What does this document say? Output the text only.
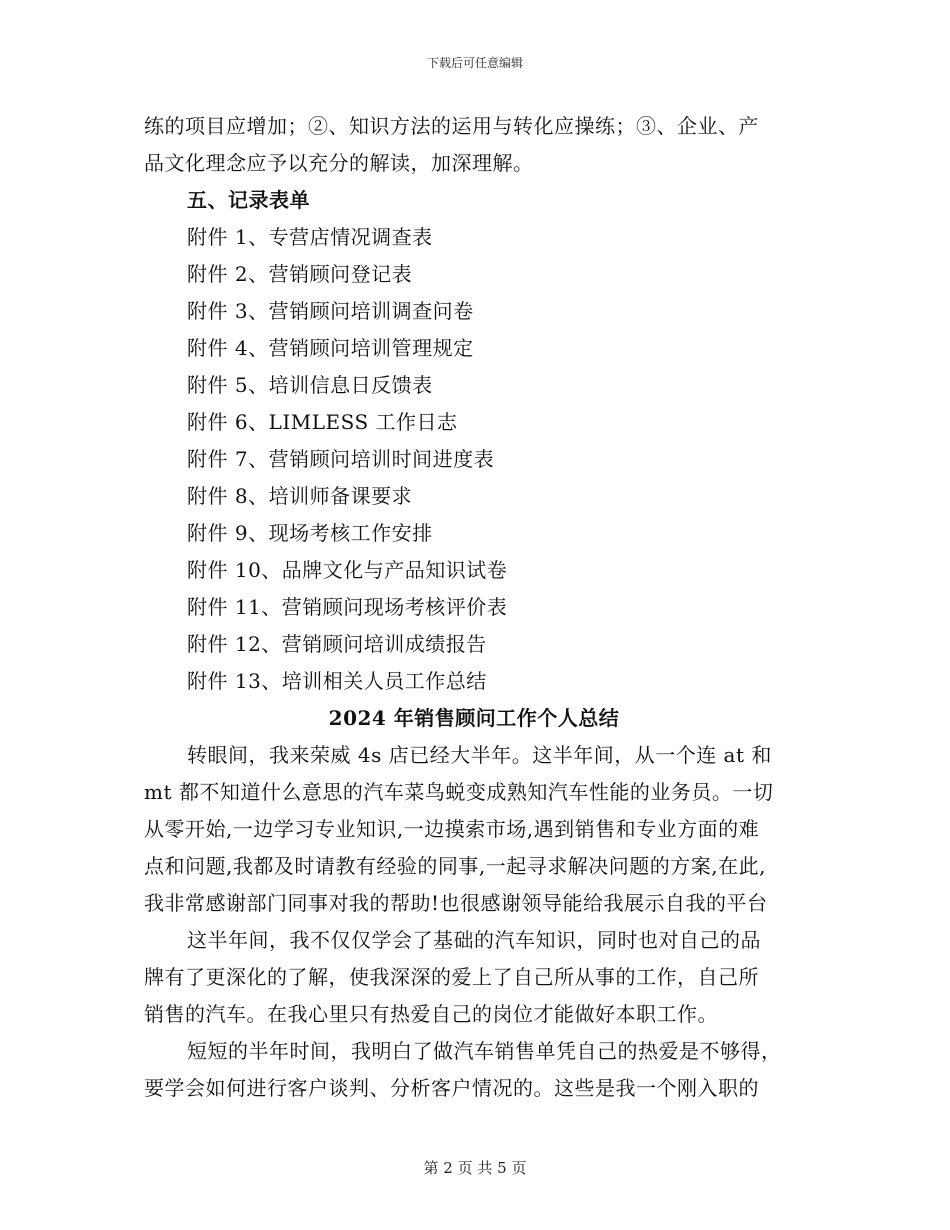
下载后可任意编辑
练的项目应增加；②、知识方法的运用与转化应操练；③、企业、产
品文化理念应予以充分的解读，加深理解。
五、记录表单
附件 1、专营店情况调查表
附件 2、营销顾问登记表
附件 3、营销顾问培训调查问卷
附件 4、营销顾问培训管理规定
附件 5、培训信息日反馈表
附件 6、LIMLESS 工作日志
附件 7、营销顾问培训时间进度表
附件 8、培训师备课要求
附件 9、现场考核工作安排
附件 10、品牌文化与产品知识试卷
附件 11、营销顾问现场考核评价表
附件 12、营销顾问培训成绩报告
附件 13、培训相关人员工作总结
2024 年销售顾问工作个人总结
转眼间，我来荣威 4s 店已经大半年。这半年间，从一个连 at 和
mt 都不知道什么意思的汽车菜鸟蜕变成熟知汽车性能的业务员。一切
从零开始,一边学习专业知识,一边摸索市场,遇到销售和专业方面的难
点和问题,我都及时请教有经验的同事,一起寻求解决问题的方案,在此,
我非常感谢部门同事对我的帮助!也很感谢领导能给我展示自我的平台
这半年间，我不仅仅学会了基础的汽车知识，同时也对自己的品
牌有了更深化的了解，使我深深的爱上了自己所从事的工作，自己所
销售的汽车。在我心里只有热爱自己的岗位才能做好本职工作。
短短的半年时间，我明白了做汽车销售单凭自己的热爱是不够得，
要学会如何进行客户谈判、分析客户情况的。这些是我一个刚入职的
第 2 页 共 5 页
